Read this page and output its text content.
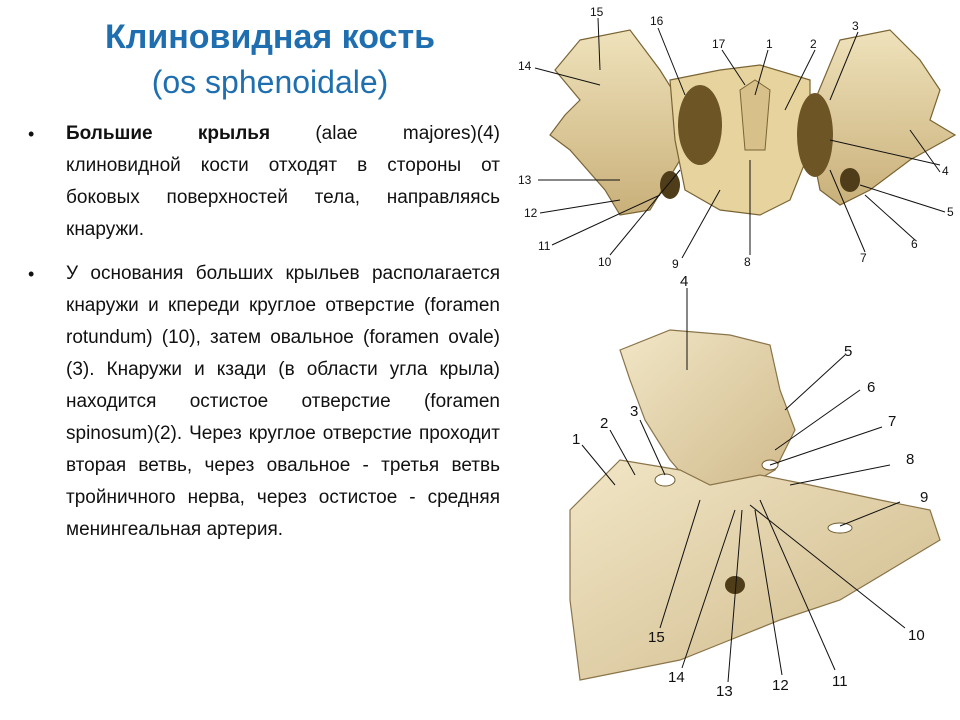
Клиновидная кость
(os sphenoidale)
• Большие крылья (alae majores)(4) клиновидной кости отходят в стороны от боковых поверхностей тела, направляясь кнаружи.
• У основания больших крыльев располагается кнаружи и кпереди круглое отверстие (foramen rotundum) (10), затем овальное (foramen ovale)(3). Кнаружи и кзади (в области угла крыла) находится остистое отверстие (foramen spinosum)(2). Через круглое отверстие проходит вторая ветвь, через овальное - третья ветвь тройничного нерва, через остистое - средняя менингеальная артерия.
15
16
17	1	2
3
14
4
13
5
12
6
11
10	9	8	7
4
5
6
7
8
9
3
2
1
10
15
14
13	12	11
